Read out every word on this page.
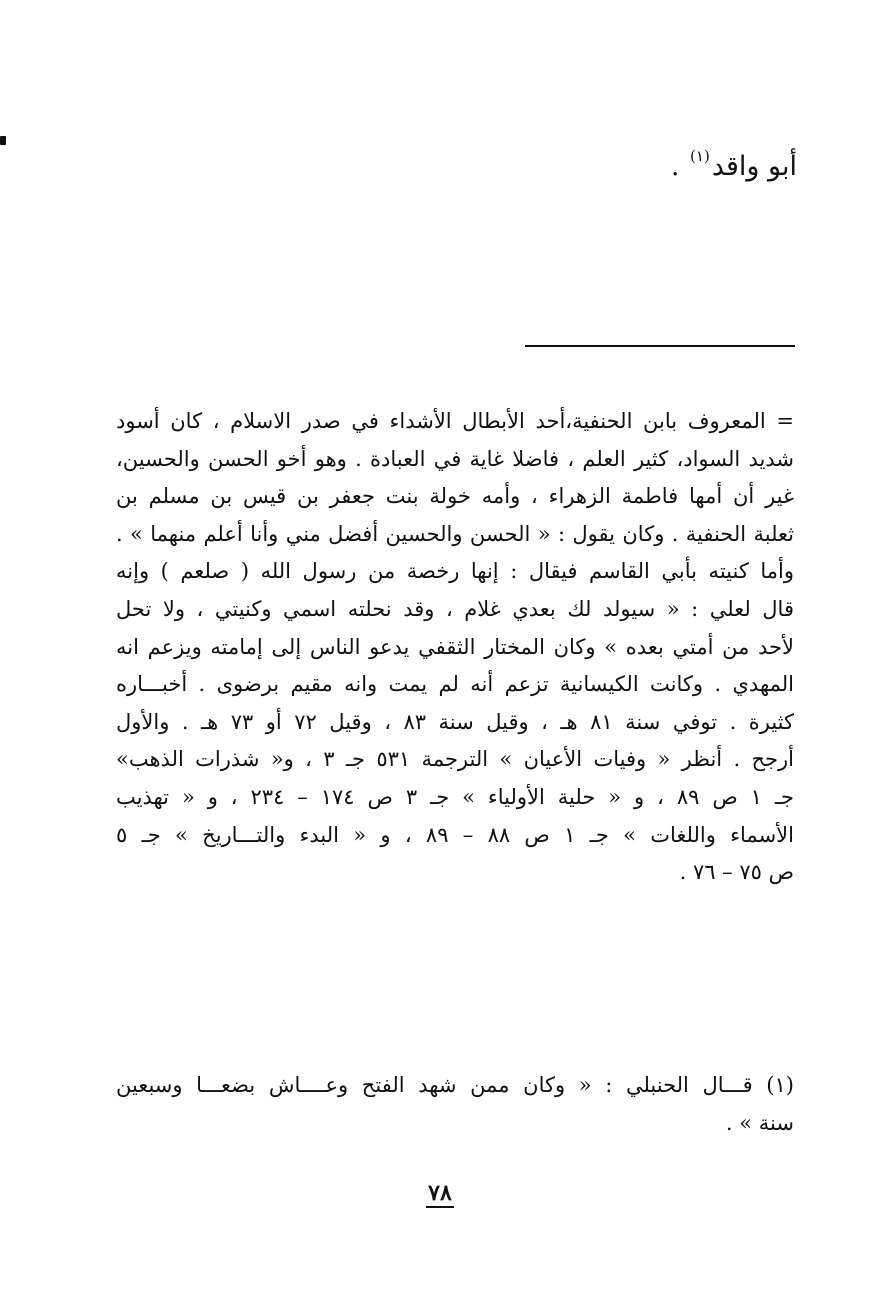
أبو واقد$^{(١)}$ .
= المعروف بابن الحنفية،أحد الأبطال الأشداء في صدر الاسلام ، كان أسود
شديد السواد، كثير العلم ، فاضلا غاية في العبادة . وهو أخو الحسن والحسين،
غير أن أمها فاطمة الزهراء ، وأمه خولة بنت جعفر بن قيس بن مسلم بن
ثعلبة الحنفية . وكان يقول : « الحسن والحسين أفضل مني وأنا أعلم منهما » .
وأما كنيته بأبي القاسم فيقال : إنها رخصة من رسول الله ( صلعم ) وإنه
قال لعلي : « سيولد لك بعدي غلام ، وقد نحلته اسمي وكنيتي ، ولا تحل
لأحد من أمتي بعده » وكان المختار الثقفي يدعو الناس إلى إمامته ويزعم انه
المهدي . وكانت الكيسانية تزعم أنه لم يمت وانه مقيم برضوى . أخبـــاره
كثيرة . توفي سنة ٨١ هـ ، وقيل سنة ٨٣ ، وقيل ٧٢ أو ٧٣ هـ . والأول
أرجح . أنظر « وفيات الأعيان » الترجمة ٥٣١ جـ ٣ ، و« شذرات الذهب»
جـ ١ ص ٨٩ ، و « حلية الأولياء » جـ ٣ ص ١٧٤ – ٢٣٤ ، و « تهذيب
الأسماء واللغات » جـ ١ ص ٨٨ – ٨٩ ، و « البدء والتـــاريخ » جـ ٥
ص ٧٥ – ٧٦ .
(١) قـــال الحنبلي : « وكان ممن شهد الفتح وعــــاش بضعـــا وسبعين
سنة » .
٧٨
